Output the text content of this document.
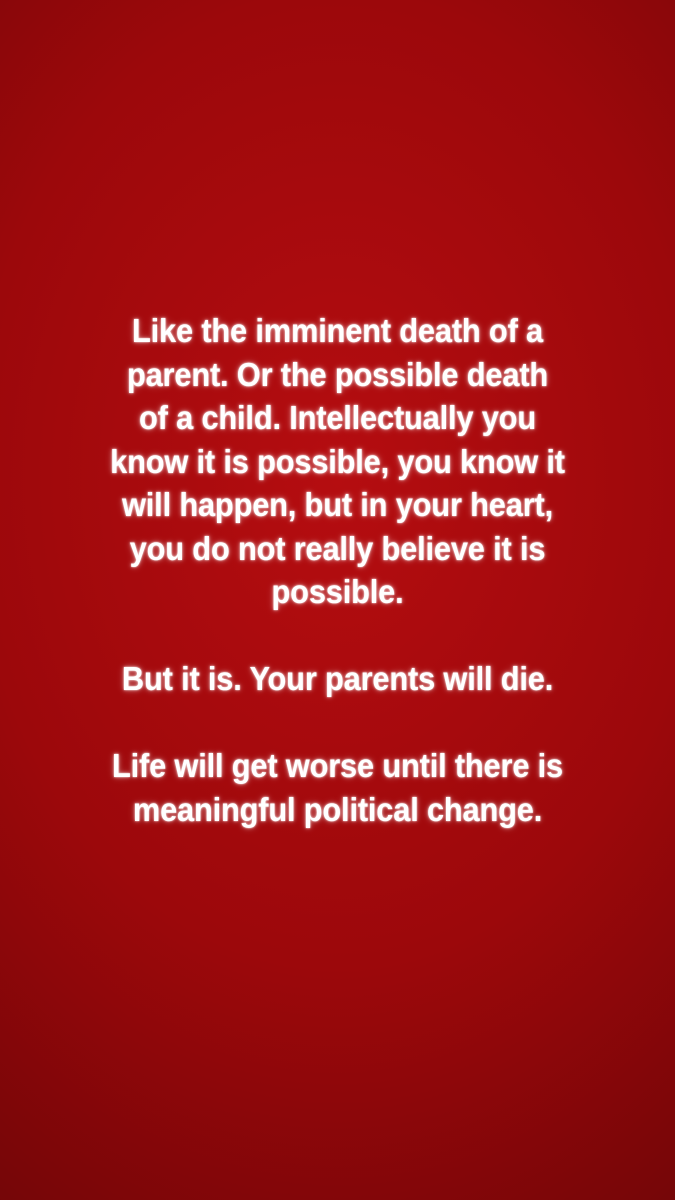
Like the imminent death of a
parent. Or the possible death
of a child. Intellectually you
know it is possible, you know it
will happen, but in your heart,
you do not really believe it is
possible.
But it is. Your parents will die.
Life will get worse until there is
meaningful political change.
